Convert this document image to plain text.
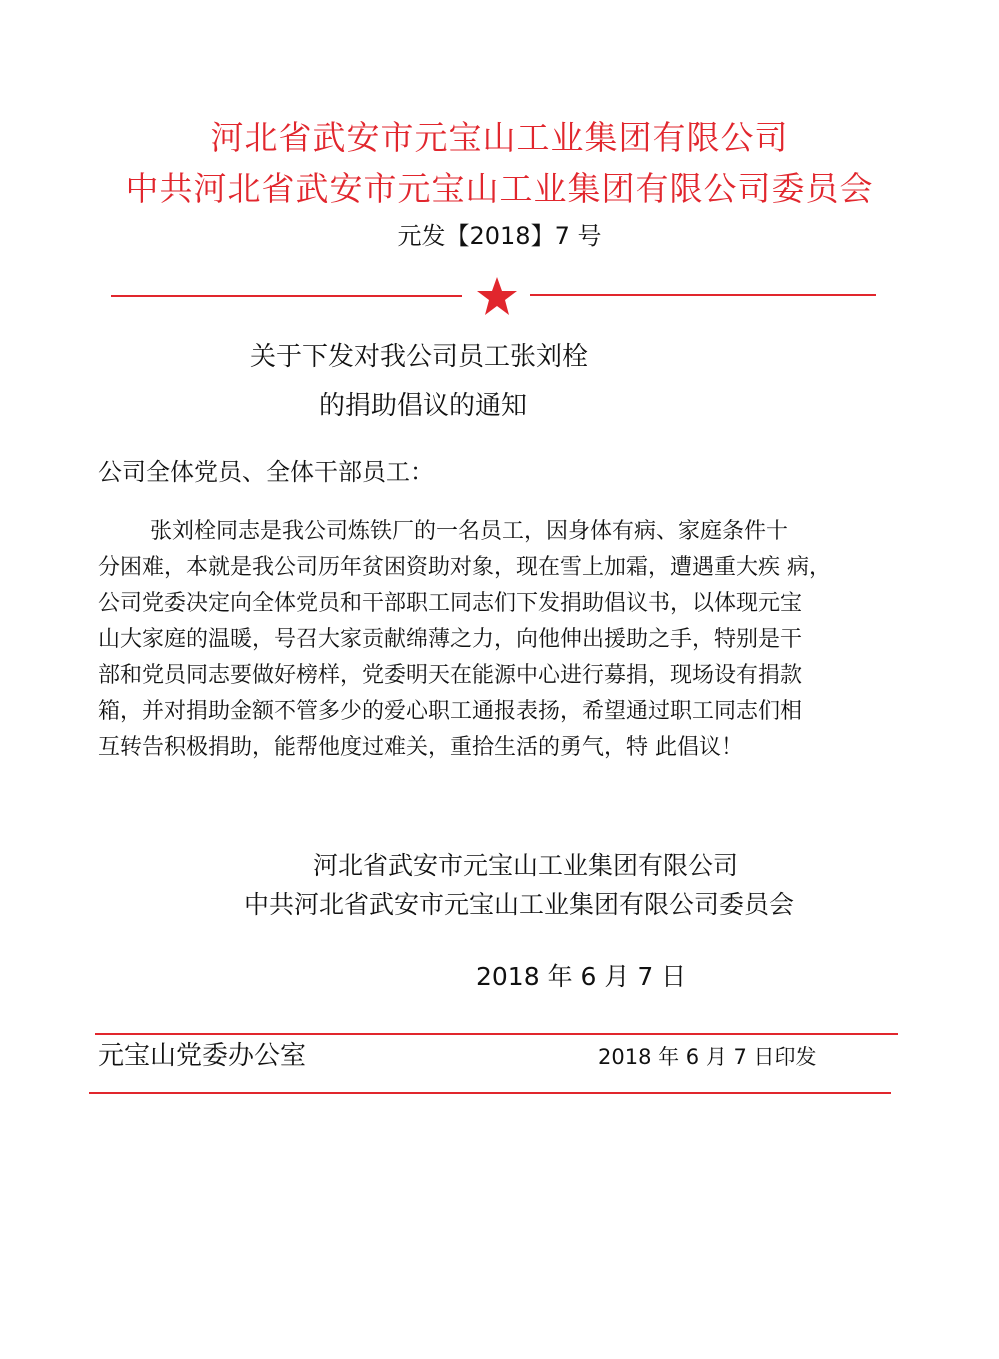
河北省武安市元宝山工业集团有限公司
中共河北省武安市元宝山工业集团有限公司委员会
元发【2018】7 号
关于下发对我公司员工张刘栓
的捐助倡议的通知
公司全体党员、全体干部员工：
张刘栓同志是我公司炼铁厂的一名员工，因身体有病、家庭条件十
分困难，本就是我公司历年贫困资助对象，现在雪上加霜，遭遇重大疾 病，
公司党委决定向全体党员和干部职工同志们下发捐助倡议书，以体现元宝
山大家庭的温暖，号召大家贡献绵薄之力，向他伸出援助之手，特别是干
部和党员同志要做好榜样，党委明天在能源中心进行募捐，现场设有捐款
箱，并对捐助金额不管多少的爱心职工通报表扬，希望通过职工同志们相
互转告积极捐助，能帮他度过难关，重拾生活的勇气，特 此倡议！
河北省武安市元宝山工业集团有限公司
中共河北省武安市元宝山工业集团有限公司委员会
2018 年 6 月 7 日
元宝山党委办公室	2018 年 6 月 7 日印发
